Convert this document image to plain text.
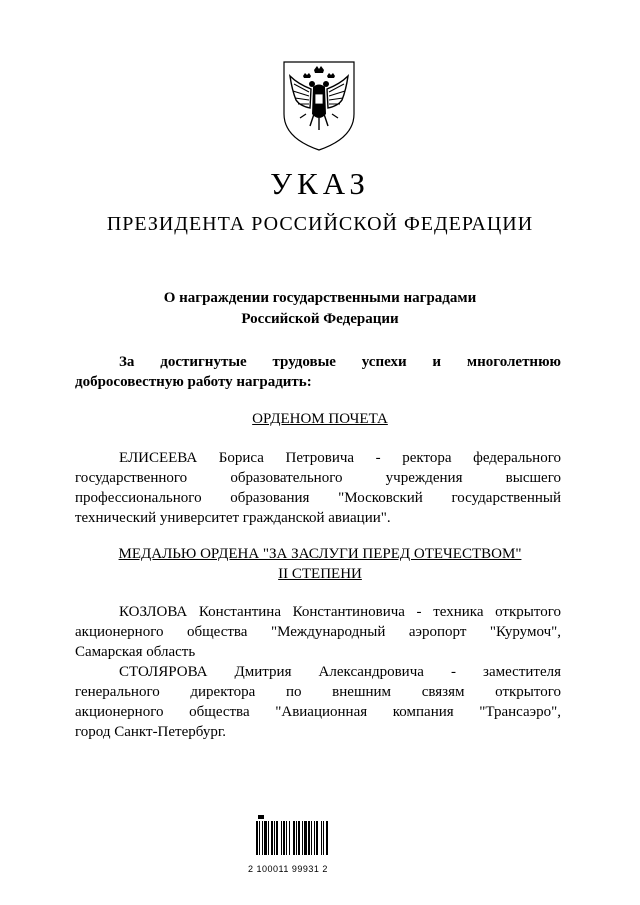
УКАЗ
ПРЕЗИДЕНТА РОССИЙСКОЙ ФЕДЕРАЦИИ
О награждении государственными наградами
Российской Федерации
За достигнутые трудовые успехи и многолетнюю
добросовестную работу наградить:
ОРДЕНОМ ПОЧЕТА
ЕЛИСЕЕВА Бориса Петровича - ректора федерального
государственного образовательного учреждения высшего
профессионального образования "Московский государственный
технический университет гражданской авиации".
МЕДАЛЬЮ ОРДЕНА "ЗА ЗАСЛУГИ ПЕРЕД ОТЕЧЕСТВОМ"
II СТЕПЕНИ
КОЗЛОВА Константина Константиновича - техника открытого
акционерного общества "Международный аэропорт "Курумоч",
Самарская область
СТОЛЯРОВА Дмитрия Александровича - заместителя
генерального директора по внешним связям открытого
акционерного общества "Авиационная компания "Трансаэро",
город Санкт-Петербург.
2 100011 99931 2
